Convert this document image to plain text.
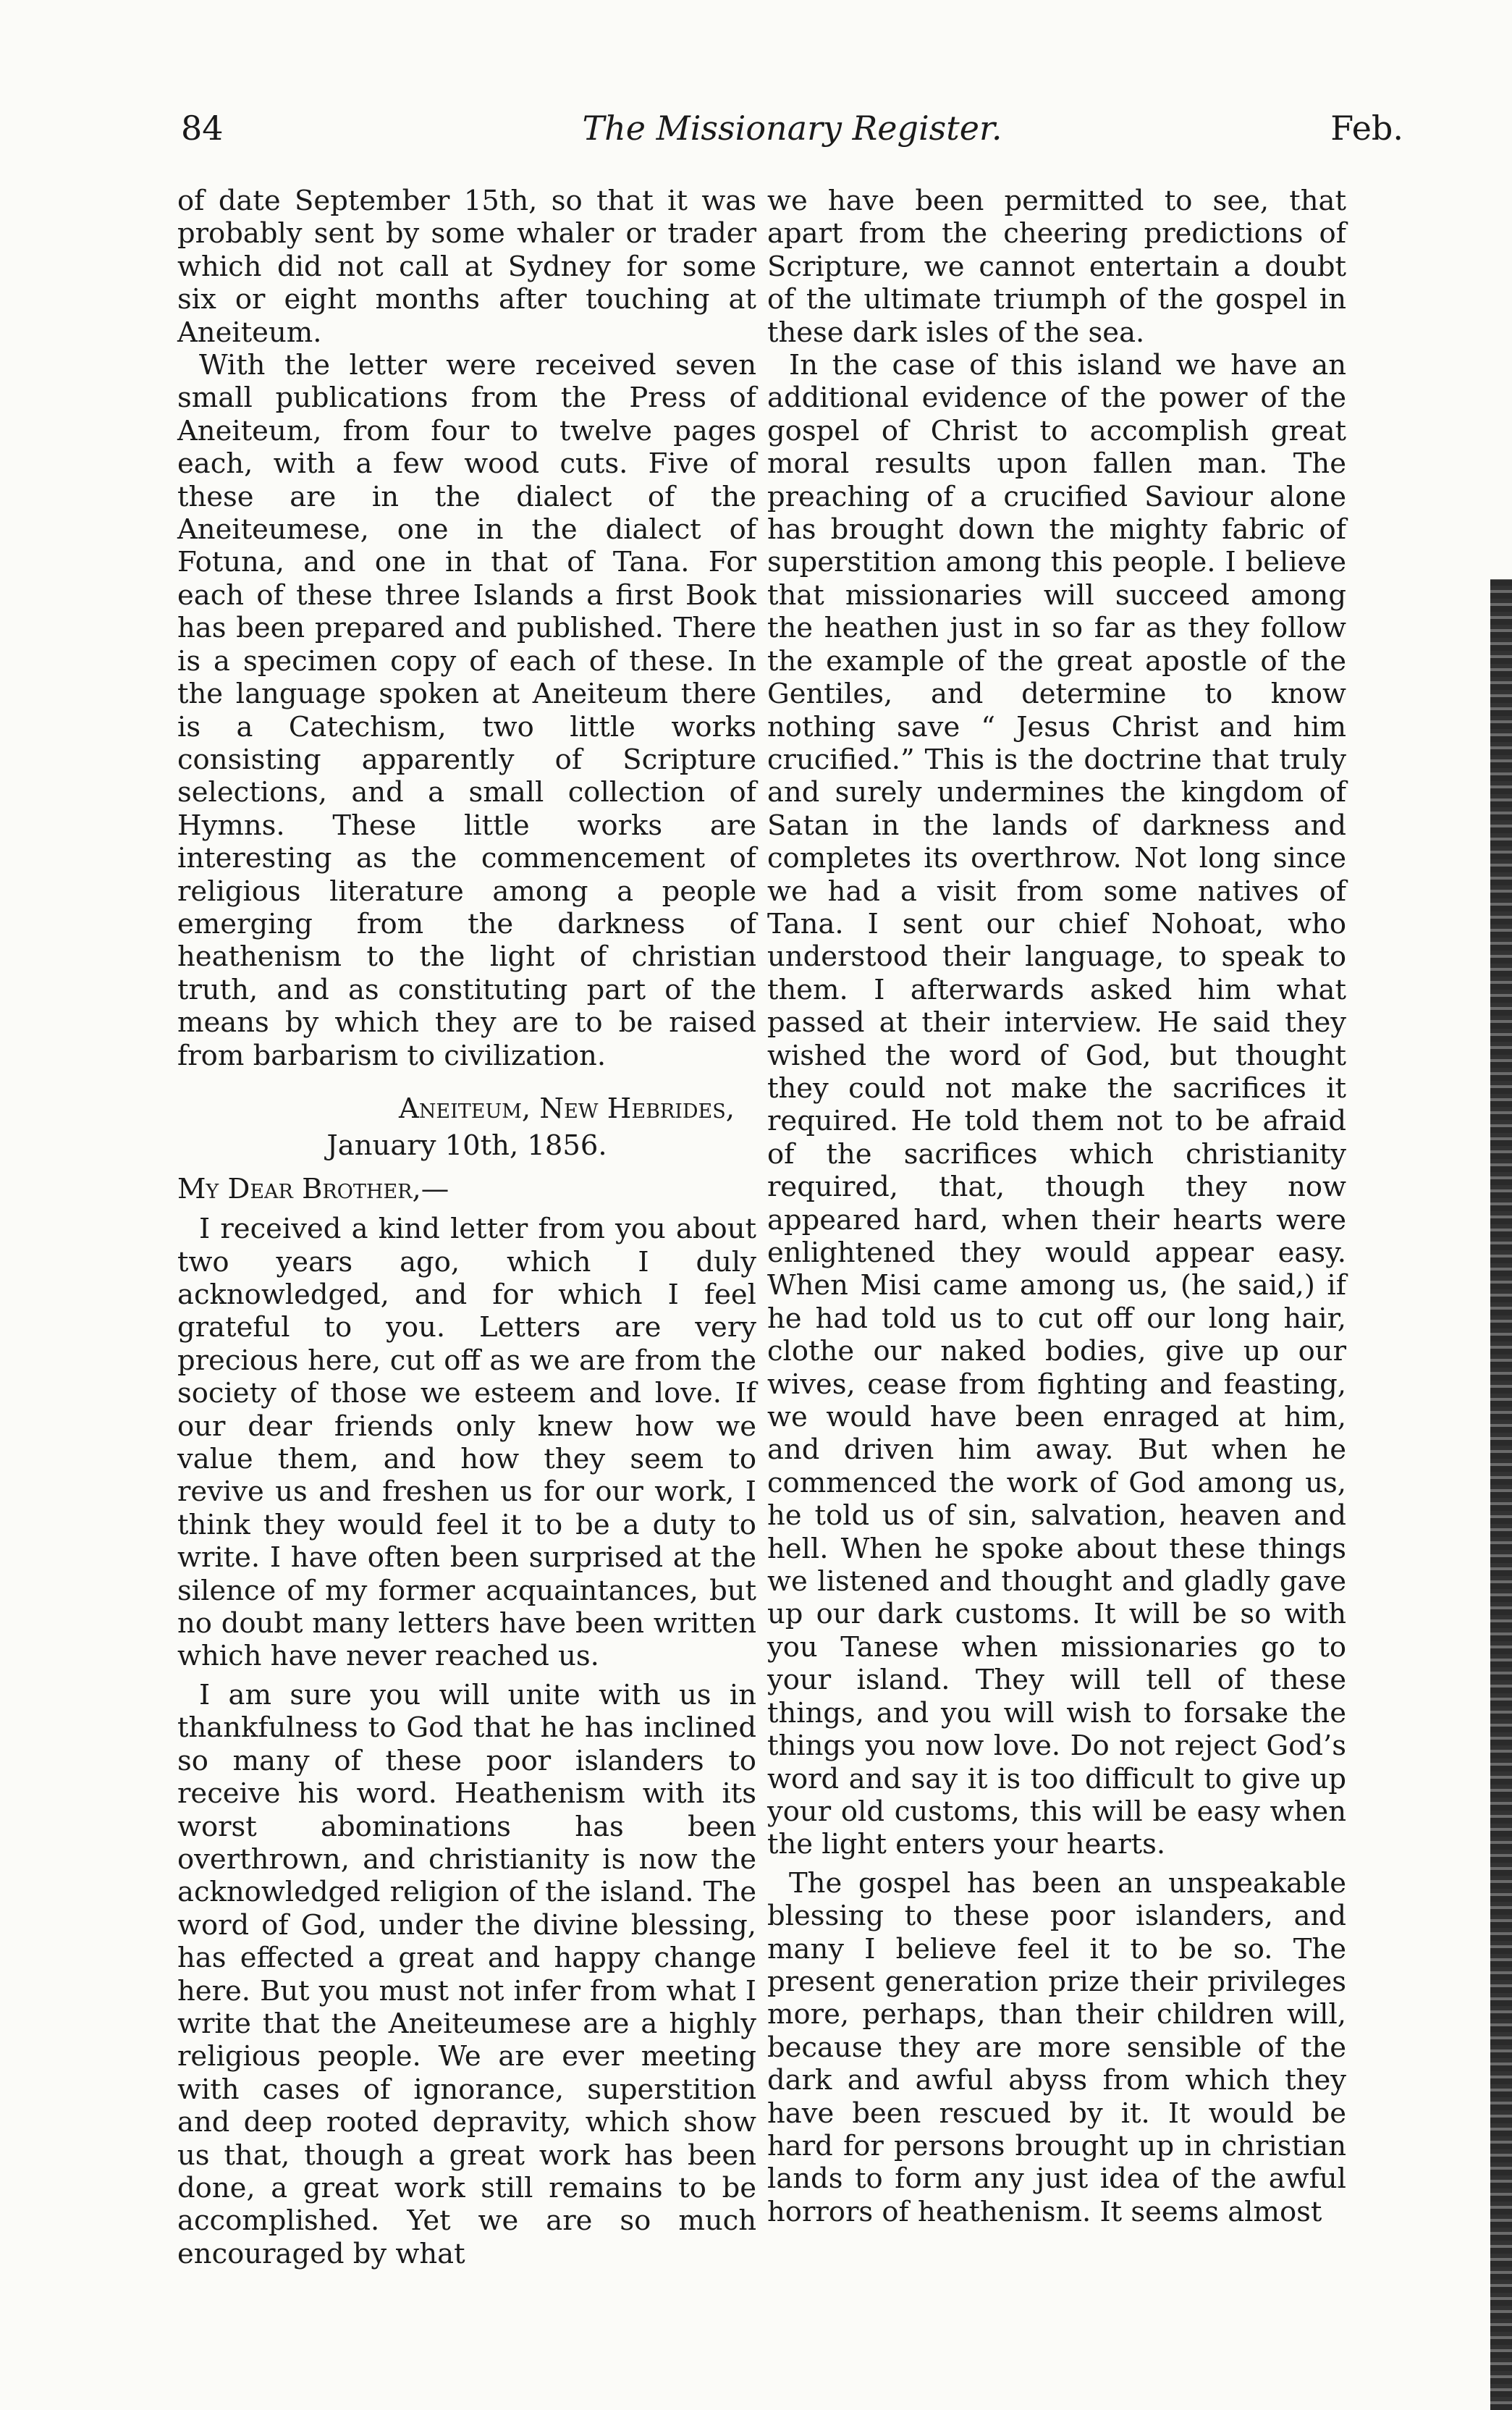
84	The Missionary Register.	Feb.

of date September 15th, so that it was probably sent by some whaler or trader which did not call at Sydney for some six or eight months after touching at Aneiteum.

With the letter were received seven small publications from the Press of Aneiteum, from four to twelve pages each, with a few wood cuts. Five of these are in the dialect of the Aneiteumese, one in the dialect of Fotuna, and one in that of Tana. For each of these three Islands a first Book has been prepared and published. There is a specimen copy of each of these. In the language spoken at Aneiteum there is a Catechism, two little works consisting apparently of Scripture selections, and a small collection of Hymns. These little works are interesting as the commencement of religious literature among a people emerging from the darkness of heathenism to the light of christian truth, and as constituting part of the means by which they are to be raised from barbarism to civilization.

Aneiteum, New Hebrides,

January 10th, 1856.

My Dear Brother,—

I received a kind letter from you about two years ago, which I duly acknowledged, and for which I feel grateful to you. Letters are very precious here, cut off as we are from the society of those we esteem and love. If our dear friends only knew how we value them, and how they seem to revive us and freshen us for our work, I think they would feel it to be a duty to write. I have often been surprised at the silence of my former acquaintances, but no doubt many letters have been written which have never reached us.

I am sure you will unite with us in thankfulness to God that he has inclined so many of these poor islanders to receive his word. Heathenism with its worst abominations has been overthrown, and christianity is now the acknowledged religion of the island. The word of God, under the divine blessing, has effected a great and happy change here. But you must not infer from what I write that the Aneiteumese are a highly religious people. We are ever meeting with cases of ignorance, superstition and deep rooted depravity, which show us that, though a great work has been done, a great work still remains to be accomplished. Yet we are so much encouraged by what

we have been permitted to see, that apart from the cheering predictions of Scripture, we cannot entertain a doubt of the ultimate triumph of the gospel in these dark isles of the sea.

In the case of this island we have an additional evidence of the power of the gospel of Christ to accomplish great moral results upon fallen man. The preaching of a crucified Saviour alone has brought down the mighty fabric of superstition among this people. I believe that missionaries will succeed among the heathen just in so far as they follow the example of the great apostle of the Gentiles, and determine to know nothing save “ Jesus Christ and him crucified.” This is the doctrine that truly and surely undermines the kingdom of Satan in the lands of darkness and completes its overthrow. Not long since we had a visit from some natives of Tana. I sent our chief Nohoat, who understood their language, to speak to them. I afterwards asked him what passed at their interview. He said they wished the word of God, but thought they could not make the sacrifices it required. He told them not to be afraid of the sacrifices which christianity required, that, though they now appeared hard, when their hearts were enlightened they would appear easy. When Misi came among us, (he said,) if he had told us to cut off our long hair, clothe our naked bodies, give up our wives, cease from fighting and feasting, we would have been enraged at him, and driven him away. But when he commenced the work of God among us, he told us of sin, salvation, heaven and hell. When he spoke about these things we listened and thought and gladly gave up our dark customs. It will be so with you Tanese when missionaries go to your island. They will tell of these things, and you will wish to forsake the things you now love. Do not reject God’s word and say it is too difficult to give up your old customs, this will be easy when the light enters your hearts.

The gospel has been an unspeakable blessing to these poor islanders, and many I believe feel it to be so. The present generation prize their privileges more, perhaps, than their children will, because they are more sensible of the dark and awful abyss from which they have been rescued by it. It would be hard for persons brought up in christian lands to form any just idea of the awful horrors of heathenism. It seems almost
